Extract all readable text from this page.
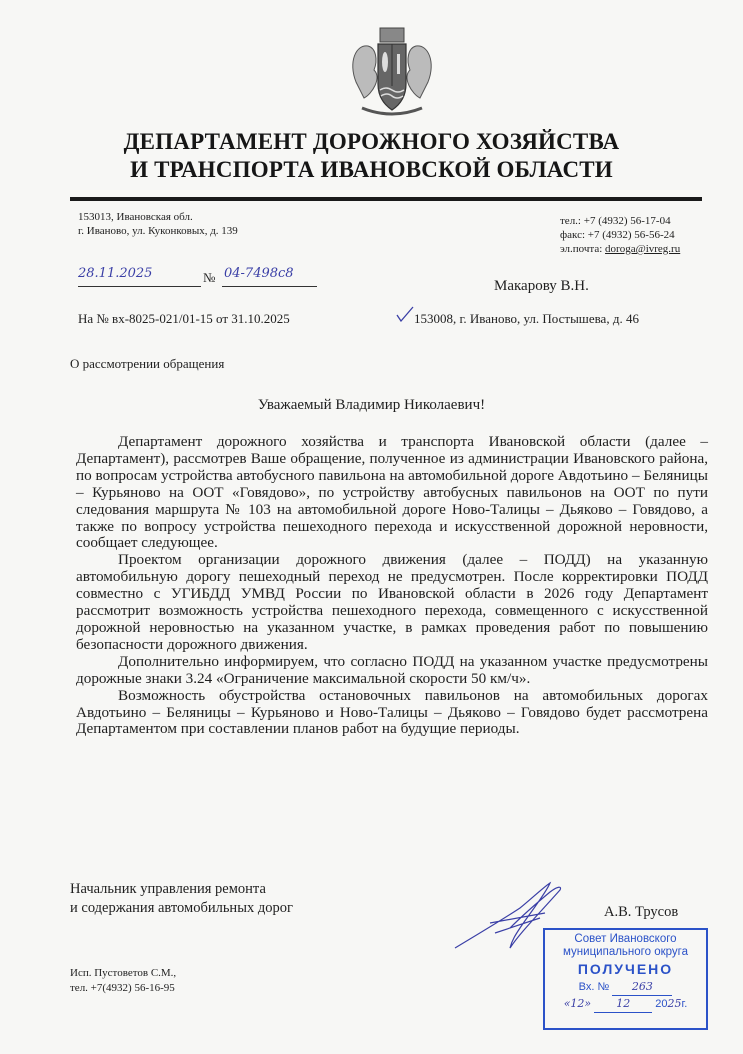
ДЕПАРТАМЕНТ ДОРОЖНОГО ХОЗЯЙСТВА
И ТРАНСПОРТА ИВАНОВСКОЙ ОБЛАСТИ
153013, Ивановская обл.
г. Иваново, ул. Куконковых, д. 139
тел.: +7 (4932) 56-17-04
факс: +7 (4932) 56-56-24
эл.почта: doroga@ivreg.ru
28.11.2025	№ 04-7498с8
На № вх-8025-021/01-15 от 31.10.2025
Макарову В.Н.
153008, г. Иваново, ул. Постышева, д. 46
О рассмотрении обращения
Уважаемый Владимир Николаевич!

Департамент дорожного хозяйства и транспорта Ивановской области (далее – Департамент), рассмотрев Ваше обращение, полученное из администрации Ивановского района, по вопросам устройства автобусного павильона на автомобильной дороге Авдотьино – Беляницы – Курьяново на ООТ «Говядово», по устройству автобусных павильонов на ООТ по пути следования маршрута № 103 на автомобильной дороге Ново-Талицы – Дьяково – Говядово, а также по вопросу устройства пешеходного перехода и искусственной дорожной неровности, сообщает следующее.

Проектом организации дорожного движения (далее – ПОДД) на указанную автомобильную дорогу пешеходный переход не предусмотрен. После корректировки ПОДД совместно с УГИБДД УМВД России по Ивановской области в 2026 году Департамент рассмотрит возможность устройства пешеходного перехода, совмещенного с искусственной дорожной неровностью на указанном участке, в рамках проведения работ по повышению безопасности дорожного движения.

Дополнительно информируем, что согласно ПОДД на указанном участке предусмотрены дорожные знаки 3.24 «Ограничение максимальной скорости 50 км/ч».

Возможность обустройства остановочных павильонов на автомобильных дорогах Авдотьино – Беляницы – Курьяново и Ново-Талицы – Дьяково – Говядово будет рассмотрена Департаментом при составлении планов работ на будущие периоды.

Начальник управления ремонта
и содержания автомобильных дорог	А.В. Трусов
Исп. Пустоветов С.М.,
тел. +7(4932) 56-16-95
Совет Ивановского
муниципального округа
ПОЛУЧЕНО
Вх. № 263
«12» 12 2025г.
